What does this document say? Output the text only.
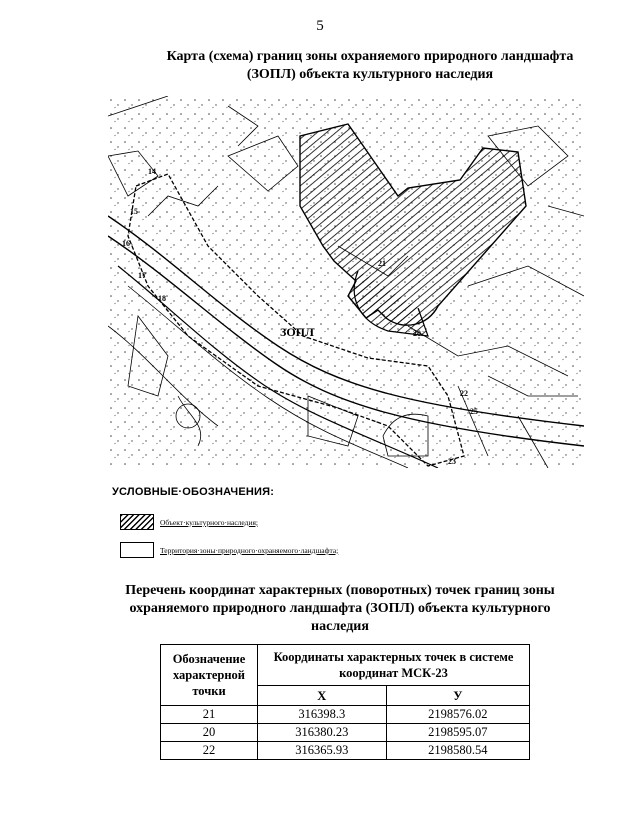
5
Карта (схема) границ зоны охраняемого природного ландшафта (ЗОПЛ) объекта культурного наследия
ЗОПЛ
21
20
22
14
15
16
17
18
23
25
УСЛОВНЫЕ·ОБОЗНАЧЕНИЯ:
Объект·культурного·наследия;
Территория·зоны·природного·охраняемого·ландшафта;
Перечень координат характерных (поворотных) точек границ зоны охраняемого природного ландшафта (ЗОПЛ) объекта культурного наследия
Обозначение характерной точки	Координаты характерных точек в системе координат МСК-23	
	Х	У
21	316398.3	2198576.02
20	316380.23	2198595.07
22	316365.93	2198580.54
